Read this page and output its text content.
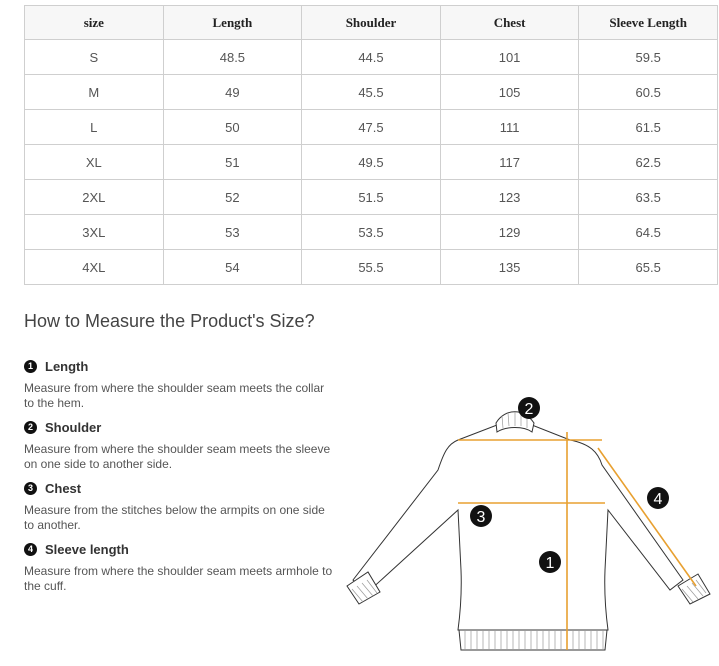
size	Length	Shoulder	Chest	Sleeve Length
S	48.5	44.5	101	59.5
M	49	45.5	105	60.5
L	50	47.5	111	61.5
XL	51	49.5	117	62.5
2XL	52	51.5	123	63.5
3XL	53	53.5	129	64.5
4XL	54	55.5	135	65.5
How to Measure the Product's Size?
1 Length
Measure from where the shoulder seam meets the collar to the hem.
2 Shoulder
Measure from where the shoulder seam meets the sleeve on one side to another side.
3 Chest
Measure from the stitches below the armpits on one side to another.
4 Sleeve length
Measure from where the shoulder seam meets armhole to the cuff.
1
2
3
4
